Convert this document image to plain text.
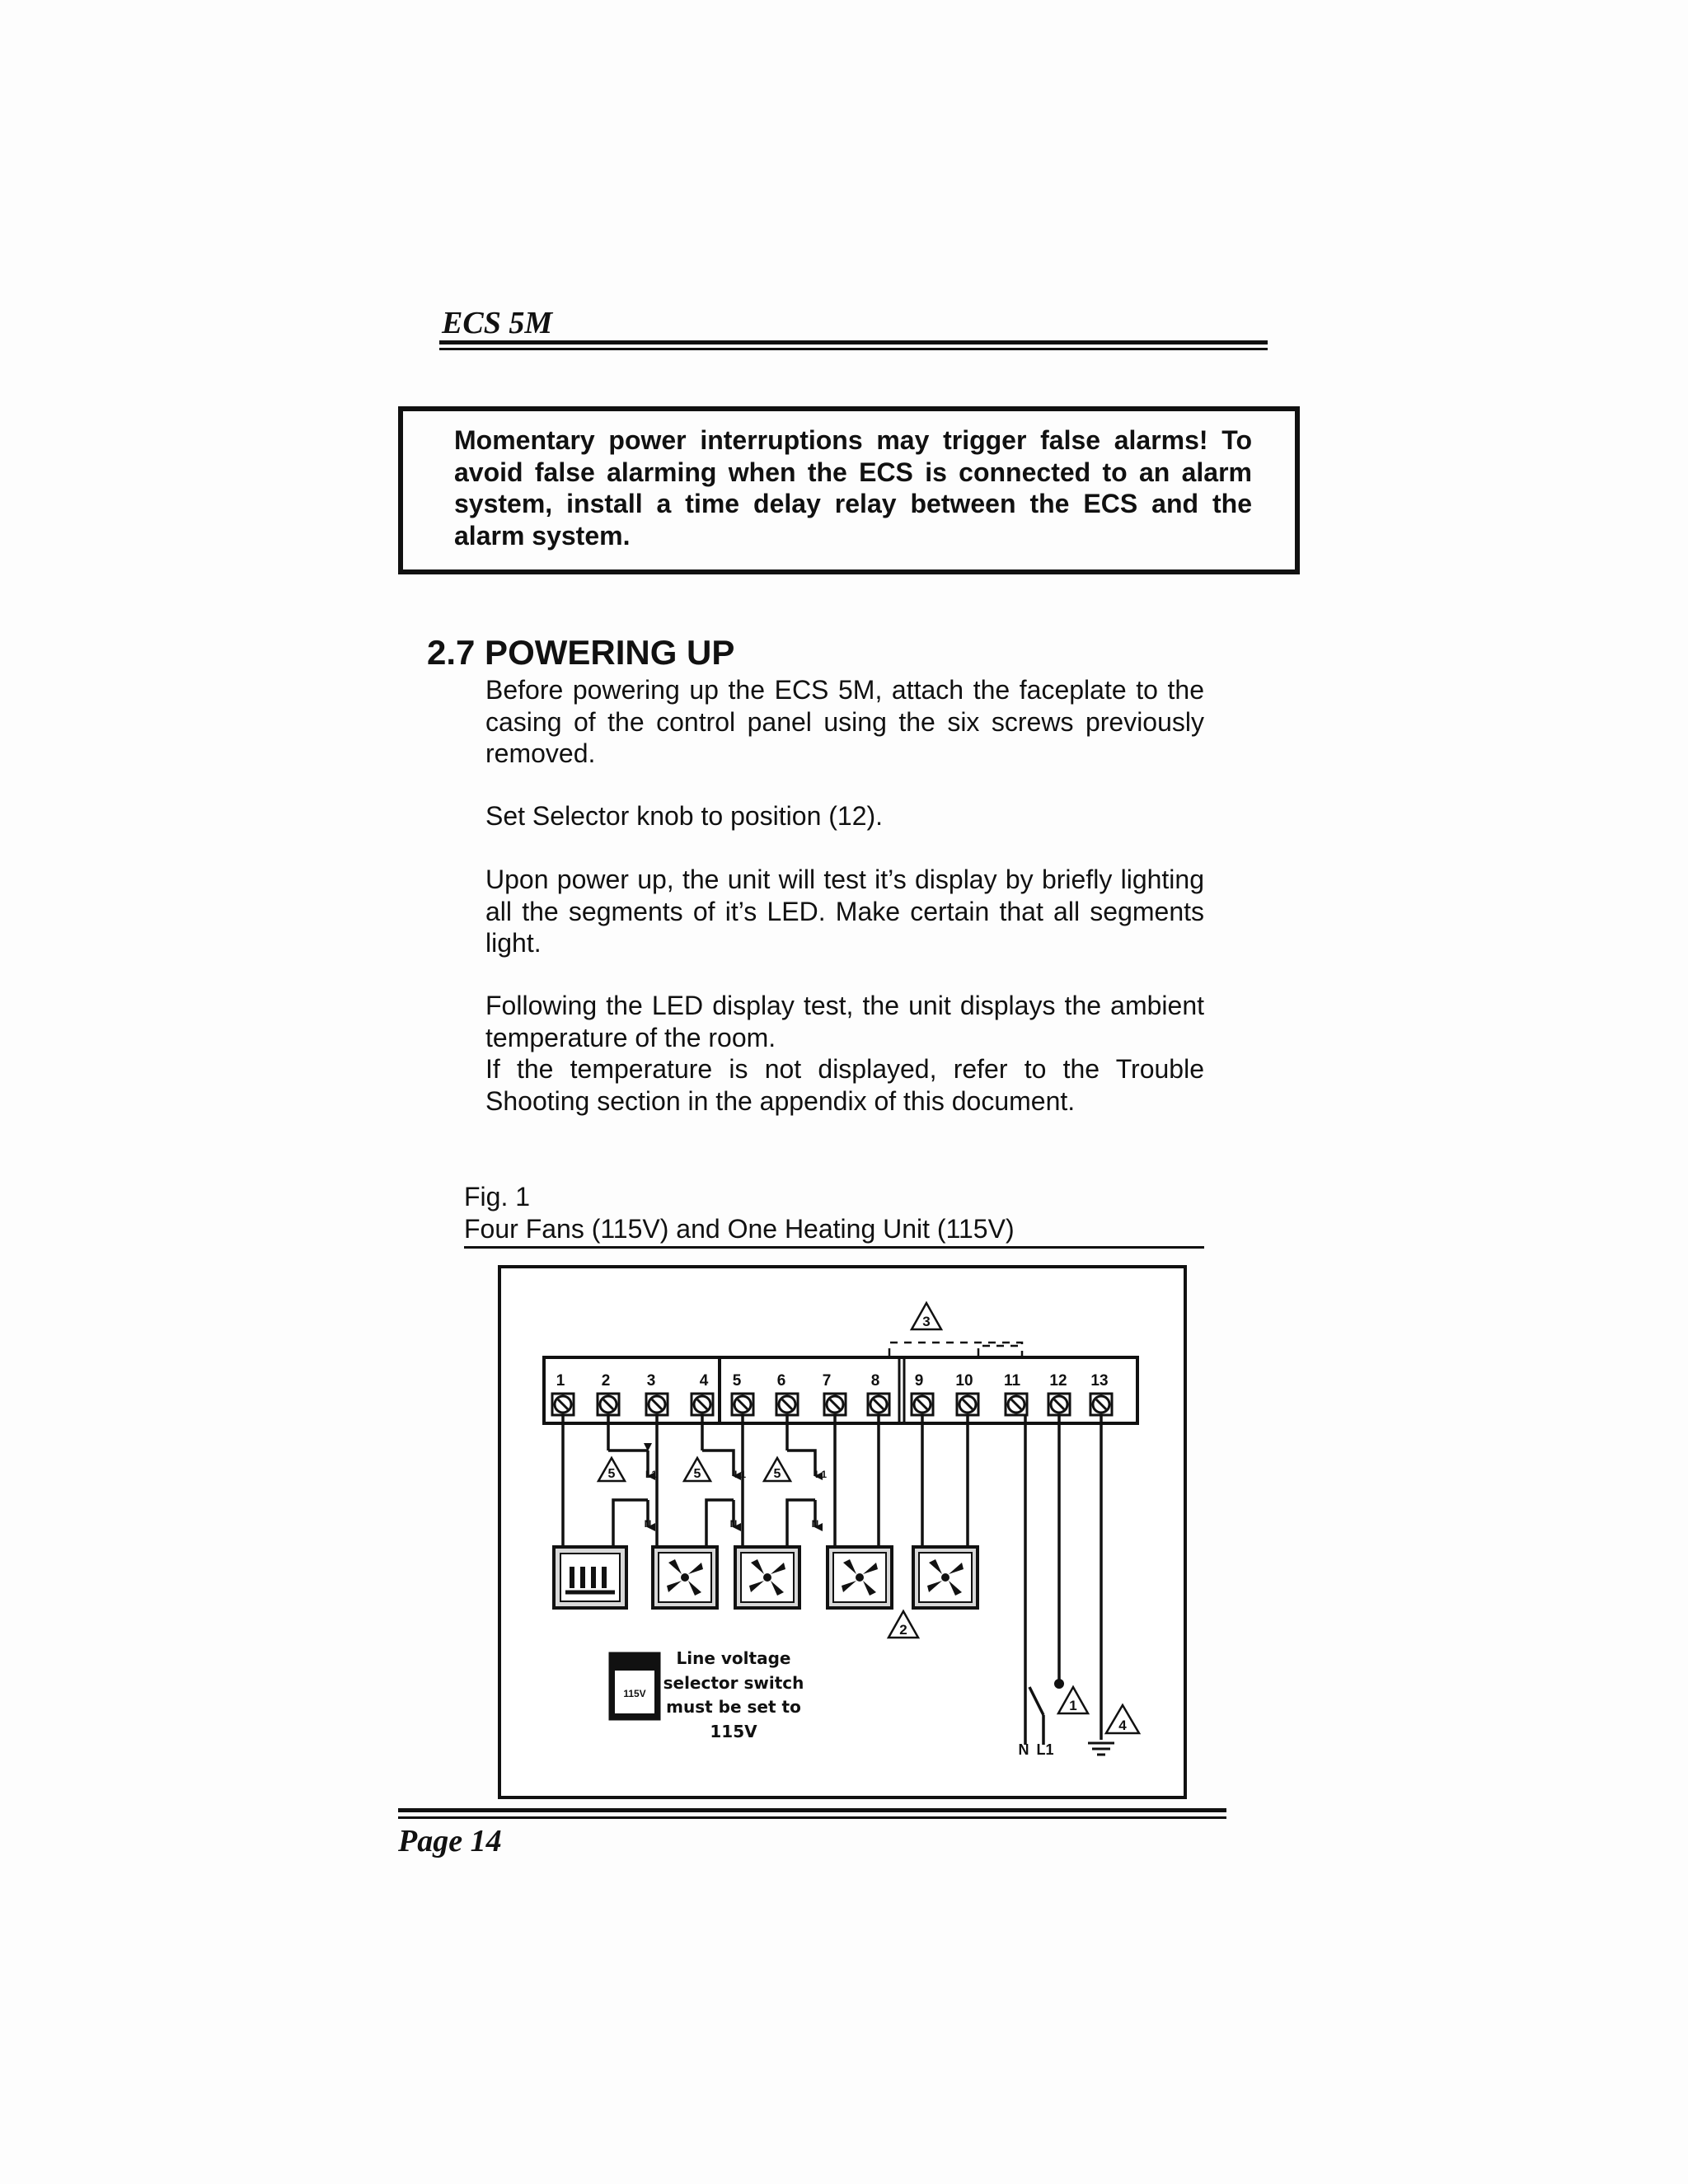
ECS 5M
Momentary power interruptions may trigger false alarms! To avoid false alarming when the ECS is connected to an alarm system, install a time delay relay between the ECS and the alarm system.
2.7 POWERING UP
Before powering up the ECS 5M, attach the faceplate to the casing of the control panel using the six screws previously removed.
Set Selector knob to position (12).
Upon power up, the unit will test it’s display by briefly lighting all the segments of it’s LED. Make certain that all segments light.
Following the LED display test, the unit displays the ambient temperature of the room.
If the temperature is not displayed, refer to the Trouble Shooting section in the appendix of this document.
Fig. 1
Four Fans (115V) and One Heating Unit (115V)
1 2 3	4 5 6 7	8 9 10 11 12 13
3
L1
N
L1
N
L1
N
5	5	5
2
1
4
N L1
115V
Line voltage
selector switch
must be set to
115V
Page 14
